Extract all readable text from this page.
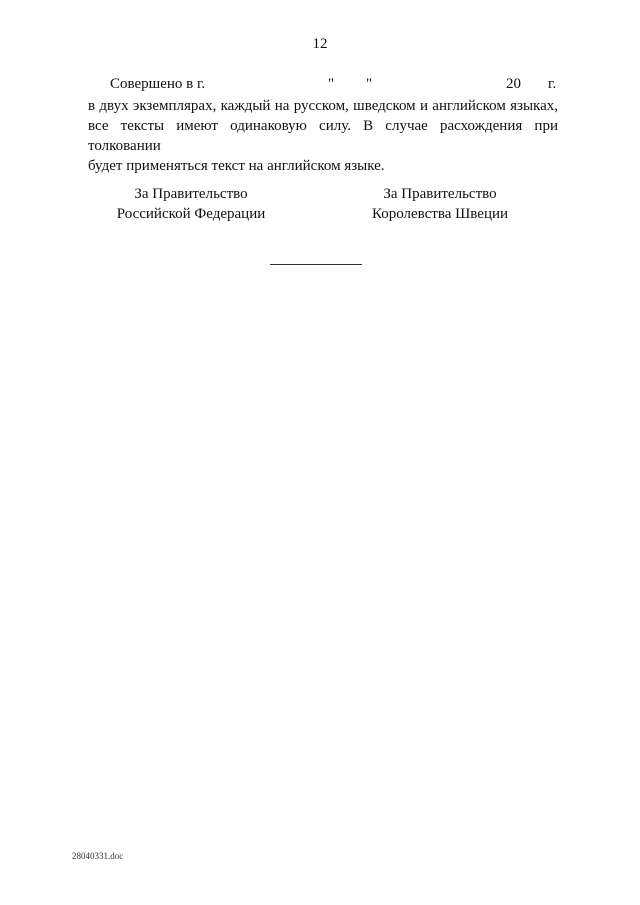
12
Совершено в г.	" "	20 г.
в двух экземплярах, каждый на русском, шведском и английском языках,
все тексты имеют одинаковую силу. В случае расхождения при толковании
будет применяться текст на английском языке.
За Правительство
Российской Федерации
За Правительство
Королевства Швеции
28040331.doc
